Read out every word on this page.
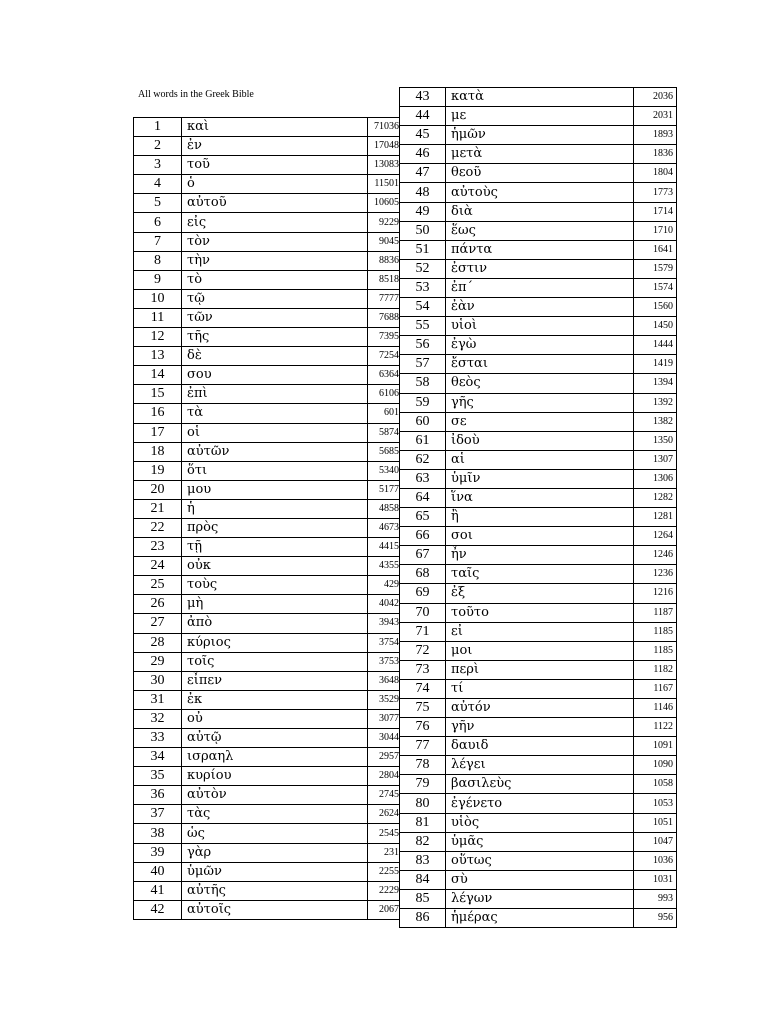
All words in the Greek Bible
1	καὶ	71036
2	ἐν	17048
3	τοῦ	13083
4	ὁ	11501
5	αὐτοῦ	10605
6	εἰς	9229
7	τὸν	9045
8	τὴν	8836
9	τὸ	8518
10	τῷ	7777
11	τῶν	7688
12	τῆς	7395
13	δὲ	7254
14	σου	6364
15	ἐπὶ	6106
16	τὰ	601
17	οἱ	5874
18	αὐτῶν	5685
19	ὅτι	5340
20	μου	5177
21	ἡ	4858
22	πρὸς	4673
23	τῇ	4415
24	οὐκ	4355
25	τοὺς	429
26	μὴ	4042
27	ἀπὸ	3943
28	κύριος	3754
29	τοῖς	3753
30	εἶπεν	3648
31	ἐκ	3529
32	οὐ	3077
33	αὐτῷ	3044
34	ισραηλ	2957
35	κυρίου	2804
36	αὐτὸν	2745
37	τὰς	2624
38	ὡς	2545
39	γὰρ	231
40	ὑμῶν	2255
41	αὐτῆς	2229
42	αὐτοῖς	2067
43	κατὰ	2036
44	με	2031
45	ἡμῶν	1893
46	μετὰ	1836
47	θεοῦ	1804
48	αὐτοὺς	1773
49	διὰ	1714
50	ἕως	1710
51	πάντα	1641
52	ἐστιν	1579
53	ἐπ΄	1574
54	ἐὰν	1560
55	υἱοὶ	1450
56	ἐγὼ	1444
57	ἔσται	1419
58	θεὸς	1394
59	γῆς	1392
60	σε	1382
61	ἰδοὺ	1350
62	αἱ	1307
63	ὑμῖν	1306
64	ἵνα	1282
65	ἢ	1281
66	σοι	1264
67	ἦν	1246
68	ταῖς	1236
69	ἐξ	1216
70	τοῦτο	1187
71	εἰ	1185
72	μοι	1185
73	περὶ	1182
74	τί	1167
75	αὐτόν	1146
76	γῆν	1122
77	δαυιδ	1091
78	λέγει	1090
79	βασιλεὺς	1058
80	ἐγένετο	1053
81	υἱὸς	1051
82	ὑμᾶς	1047
83	οὕτως	1036
84	σὺ	1031
85	λέγων	993
86	ἡμέρας	956
